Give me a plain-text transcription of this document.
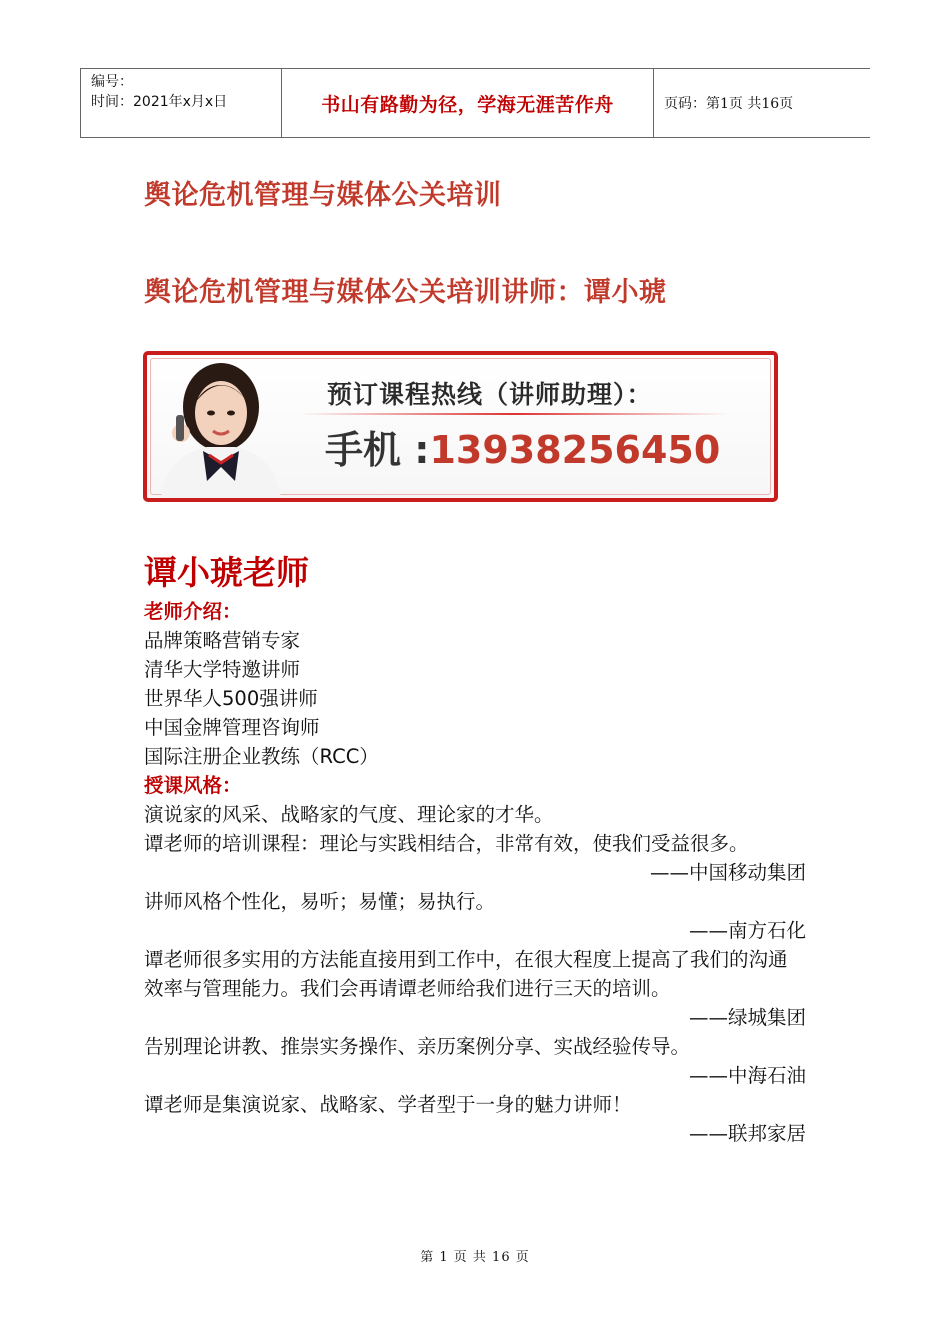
编号：
时间：2021年x月x日	书山有路勤为径，学海无涯苦作舟	页码：第1页 共16页
舆论危机管理与媒体公关培训
舆论危机管理与媒体公关培训讲师：谭小琥
预订课程热线（讲师助理）：
手机 :13938256450
谭小琥老师

老师介绍：

品牌策略营销专家

清华大学特邀讲师

世界华人500强讲师

中国金牌管理咨询师

国际注册企业教练（RCC）

授课风格：

演说家的风采、战略家的气度、理论家的才华。

谭老师的培训课程：理论与实践相结合，非常有效，使我们受益很多。

——中国移动集团

讲师风格个性化，易听；易懂；易执行。

——南方石化

谭老师很多实用的方法能直接用到工作中，在很大程度上提高了我们的沟通效率与管理能力。我们会再请谭老师给我们进行三天的培训。

——绿城集团

告别理论讲教、推崇实务操作、亲历案例分享、实战经验传导。

——中海石油

谭老师是集演说家、战略家、学者型于一身的魅力讲师！

——联邦家居

第 1 页 共 16 页
